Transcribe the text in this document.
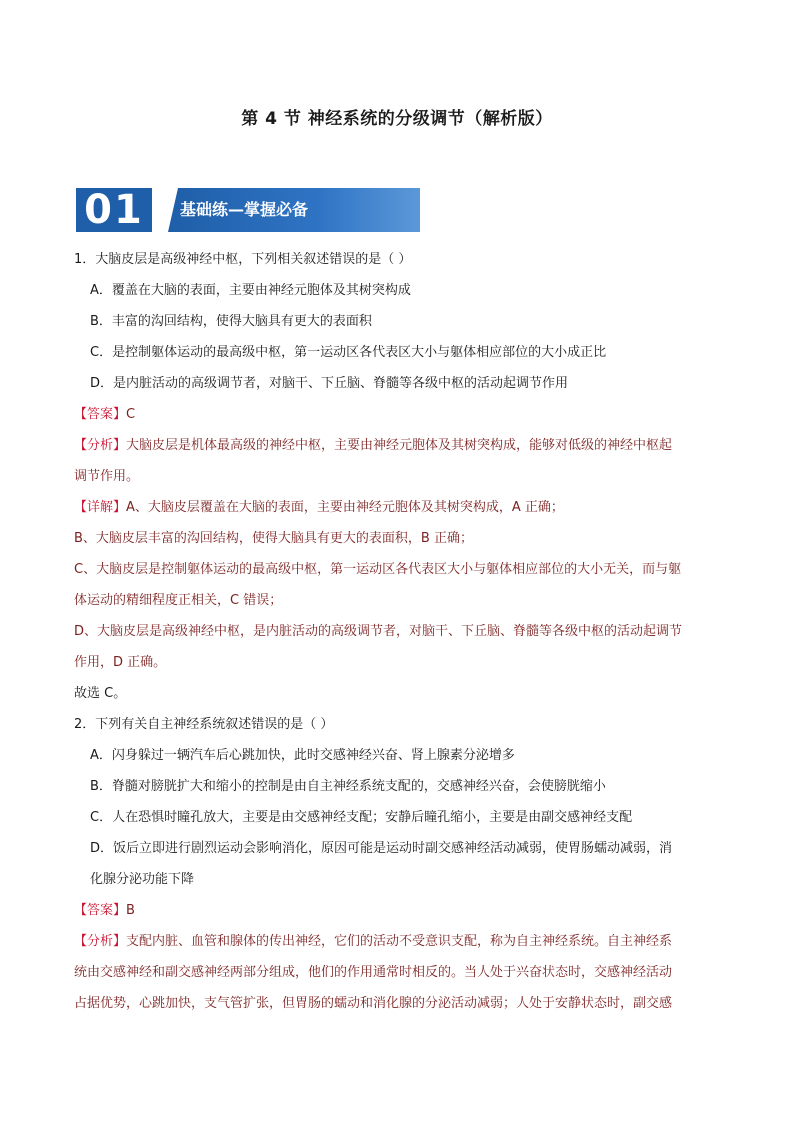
第 4 节 神经系统的分级调节（解析版）
01	基础练—掌握必备

1．大脑皮层是高级神经中枢，下列相关叙述错误的是（ ）

A．覆盖在大脑的表面，主要由神经元胞体及其树突构成

B．丰富的沟回结构，使得大脑具有更大的表面积

C．是控制躯体运动的最高级中枢，第一运动区各代表区大小与躯体相应部位的大小成正比

D．是内脏活动的高级调节者，对脑干、下丘脑、脊髓等各级中枢的活动起调节作用

【答案】C

【分析】大脑皮层是机体最高级的神经中枢，主要由神经元胞体及其树突构成，能够对低级的神经中枢起

调节作用。

【详解】A、大脑皮层覆盖在大脑的表面，主要由神经元胞体及其树突构成，A 正确；

B、大脑皮层丰富的沟回结构，使得大脑具有更大的表面积，B 正确；

C、大脑皮层是控制躯体运动的最高级中枢，第一运动区各代表区大小与躯体相应部位的大小无关，而与躯

体运动的精细程度正相关，C 错误；

D、大脑皮层是高级神经中枢，是内脏活动的高级调节者，对脑干、下丘脑、脊髓等各级中枢的活动起调节

作用，D 正确。

故选 C。

2．下列有关自主神经系统叙述错误的是（ ）

A．闪身躲过一辆汽车后心跳加快，此时交感神经兴奋、肾上腺素分泌增多

B．脊髓对膀胱扩大和缩小的控制是由自主神经系统支配的，交感神经兴奋，会使膀胱缩小

C．人在恐惧时瞳孔放大，主要是由交感神经支配；安静后瞳孔缩小，主要是由副交感神经支配

D．饭后立即进行剧烈运动会影响消化，原因可能是运动时副交感神经活动减弱，使胃肠蠕动减弱，消

化腺分泌功能下降

【答案】B

【分析】支配内脏、血管和腺体的传出神经，它们的活动不受意识支配，称为自主神经系统。自主神经系

统由交感神经和副交感神经两部分组成，他们的作用通常时相反的。当人处于兴奋状态时，交感神经活动

占据优势，心跳加快，支气管扩张，但胃肠的蠕动和消化腺的分泌活动减弱；人处于安静状态时，副交感
